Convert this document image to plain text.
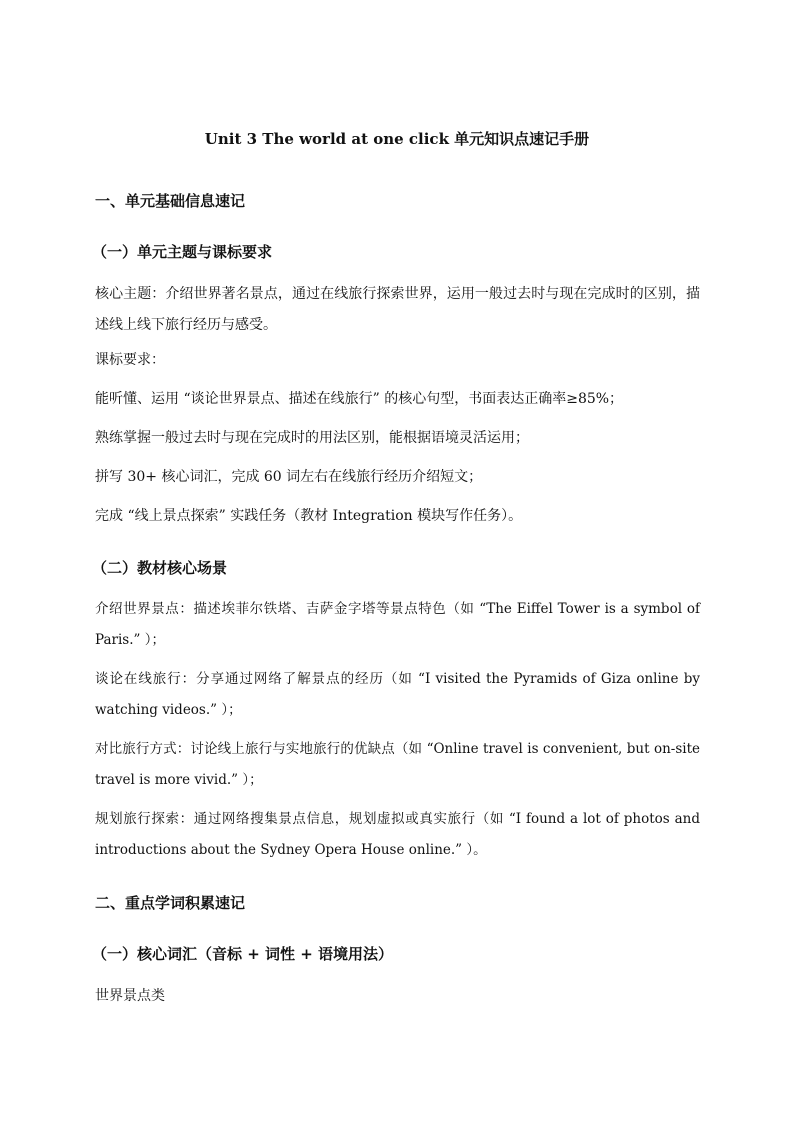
Unit 3 The world at one click 单元知识点速记手册
一、单元基础信息速记
（一）单元主题与课标要求
核心主题：介绍世界著名景点，通过在线旅行探索世界，运用一般过去时与现在完成时的区别，描述线上线下旅行经历与感受。
课标要求：
能听懂、运用 “谈论世界景点、描述在线旅行” 的核心句型，书面表达正确率≥85%；
熟练掌握一般过去时与现在完成时的用法区别，能根据语境灵活运用；
拼写 30+ 核心词汇，完成 60 词左右在线旅行经历介绍短文；
完成 “线上景点探索” 实践任务（教材 Integration 模块写作任务）。
（二）教材核心场景
介绍世界景点：描述埃菲尔铁塔、吉萨金字塔等景点特色（如 “The Eiffel Tower is a symbol of Paris.” ）；
谈论在线旅行：分享通过网络了解景点的经历（如 “I visited the Pyramids of Giza online by watching videos.” ）；
对比旅行方式：讨论线上旅行与实地旅行的优缺点（如 “Online travel is convenient, but on-site travel is more vivid.” ）；
规划旅行探索：通过网络搜集景点信息，规划虚拟或真实旅行（如 “I found a lot of photos and introductions about the Sydney Opera House online.” ）。
二、重点学词积累速记
（一）核心词汇（音标 + 词性 + 语境用法）
世界景点类
